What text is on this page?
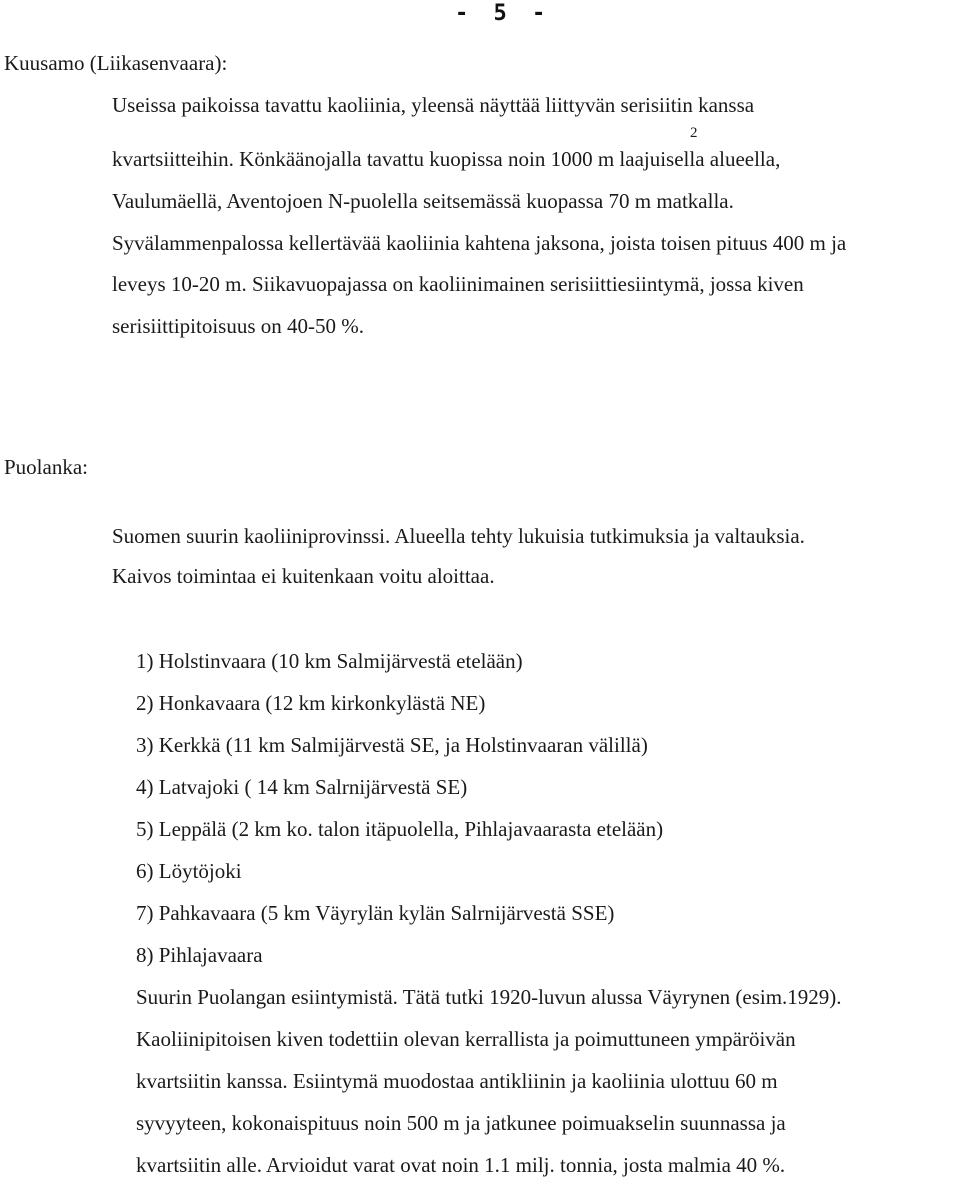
- 5 -

Kuusamo (Liikasenvaara):

Useissa paikoissa tavattu kaoliinia, yleensä näyttää liittyvän serisiitin kanssa

2

kvartsiitteihin. Könkäänojalla tavattu kuopissa noin 1000 m laajuisella alueella,

Vaulumäellä, Aventojoen N-puolella seitsemässä kuopassa 70 m matkalla.

Syvälammenpalossa kellertävää kaoliinia kahtena jaksona, joista toisen pituus 400 m ja

leveys 10-20 m. Siikavuopajassa on kaoliinimainen serisiittiesiintymä, jossa kiven

serisiittipitoisuus on 40-50 %.

Puolanka:

Suomen suurin kaoliiniprovinssi. Alueella tehty lukuisia tutkimuksia ja valtauksia.

Kaivos toimintaa ei kuitenkaan voitu aloittaa.

1) Holstinvaara (10 km Salmijärvestä etelään)

2) Honkavaara (12 km kirkonkylästä NE)

3) Kerkkä (11 km Salmijärvestä SE, ja Holstinvaaran välillä)

4) Latvajoki ( 14 km Salrnijärvestä SE)

5) Leppälä (2 km ko. talon itäpuolella, Pihlajavaarasta etelään)

6) Löytöjoki

7) Pahkavaara (5 km Väyrylän kylän Salrnijärvestä SSE)

8) Pihlajavaara

Suurin Puolangan esiintymistä. Tätä tutki 1920-luvun alussa Väyrynen (esim.1929).

Kaoliinipitoisen kiven todettiin olevan kerrallista ja poimuttuneen ympäröivän

kvartsiitin kanssa. Esiintymä muodostaa antikliinin ja kaoliinia ulottuu 60 m

syvyyteen, kokonaispituus noin 500 m ja jatkunee poimuakselin suunnassa ja

kvartsiitin alle. Arvioidut varat ovat noin 1.1 milj. tonnia, josta malmia 40 %.
